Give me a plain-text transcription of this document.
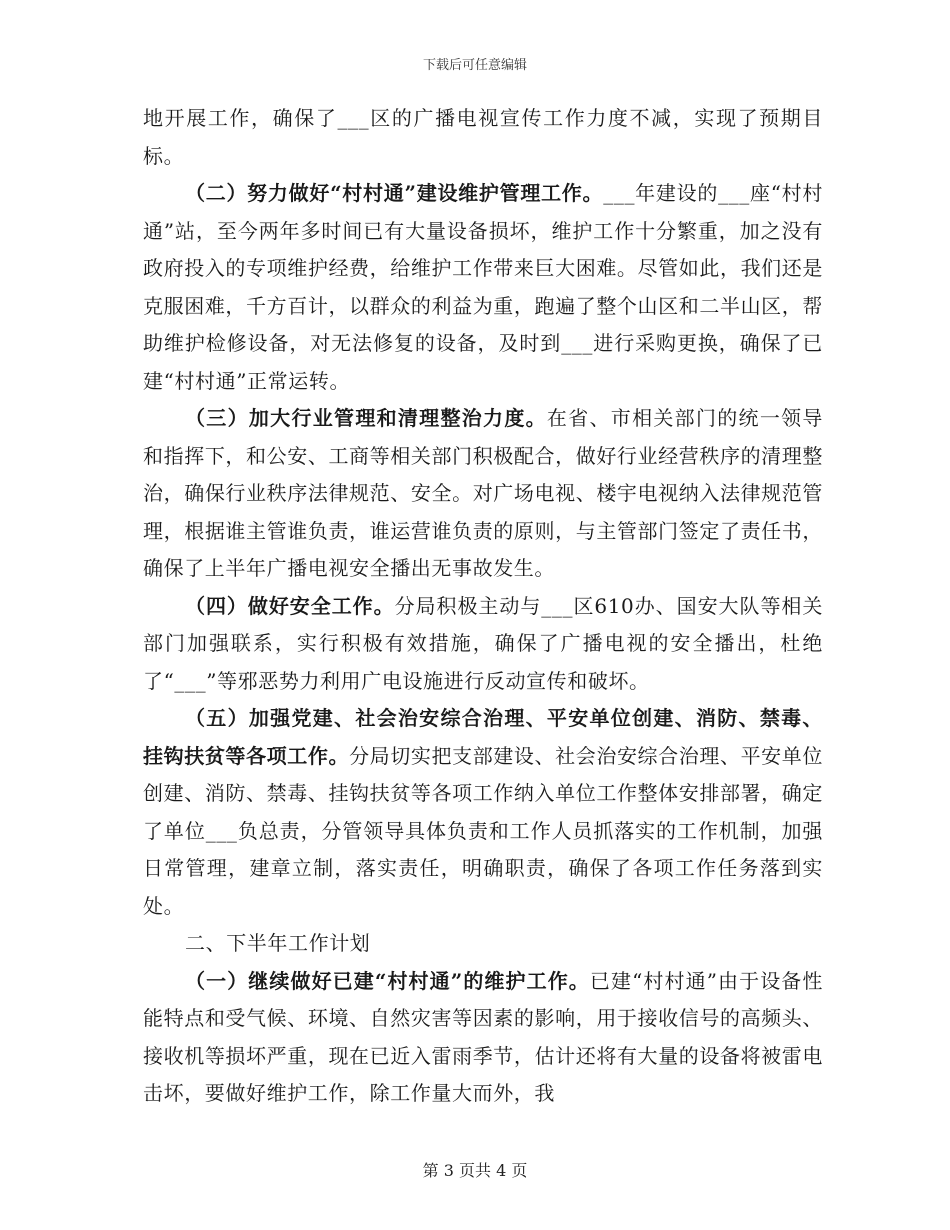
下载后可任意编辑

地开展工作，确保了___区的广播电视宣传工作力度不减，实现了预期目标。

（二）努力做好“村村通”建设维护管理工作。___年建设的___座“村村通”站，至今两年多时间已有大量设备损坏，维护工作十分繁重，加之没有政府投入的专项维护经费，给维护工作带来巨大困难。尽管如此，我们还是克服困难，千方百计，以群众的利益为重，跑遍了整个山区和二半山区，帮助维护检修设备，对无法修复的设备，及时到___进行采购更换，确保了已建“村村通”正常运转。

（三）加大行业管理和清理整治力度。在省、市相关部门的统一领导和指挥下，和公安、工商等相关部门积极配合，做好行业经营秩序的清理整治，确保行业秩序法律规范、安全。对广场电视、楼宇电视纳入法律规范管理，根据谁主管谁负责，谁运营谁负责的原则，与主管部门签定了责任书，确保了上半年广播电视安全播出无事故发生。

（四）做好安全工作。分局积极主动与___区610办、国安大队等相关部门加强联系，实行积极有效措施，确保了广播电视的安全播出，杜绝了“___”等邪恶势力利用广电设施进行反动宣传和破坏。

（五）加强党建、社会治安综合治理、平安单位创建、消防、禁毒、挂钩扶贫等各项工作。分局切实把支部建设、社会治安综合治理、平安单位创建、消防、禁毒、挂钩扶贫等各项工作纳入单位工作整体安排部署，确定了单位___负总责，分管领导具体负责和工作人员抓落实的工作机制，加强日常管理，建章立制，落实责任，明确职责，确保了各项工作任务落到实处。

二、下半年工作计划

（一）继续做好已建“村村通”的维护工作。已建“村村通”由于设备性能特点和受气候、环境、自然灾害等因素的影响，用于接收信号的高频头、接收机等损坏严重，现在已近入雷雨季节，估计还将有大量的设备将被雷电击坏，要做好维护工作，除工作量大而外，我

第 3 页共 4 页
